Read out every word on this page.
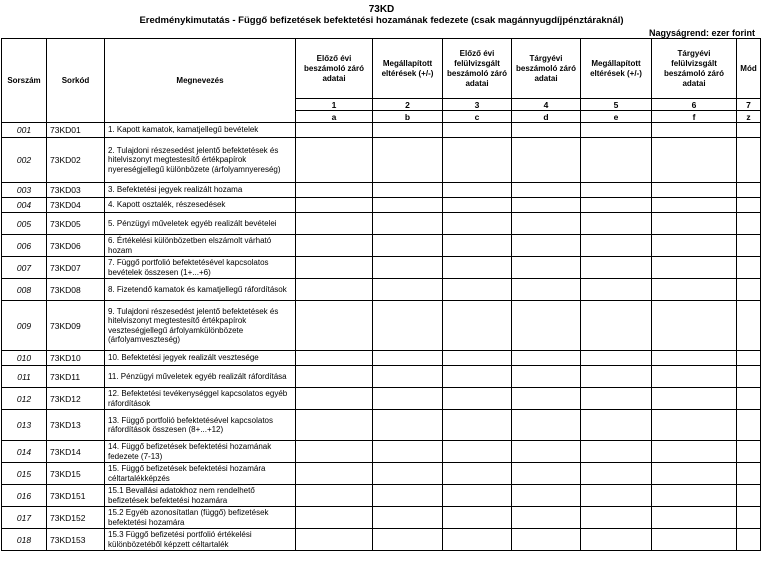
73KD
Eredménykimutatás - Függő befizetések befektetési hozamának fedezete (csak magánnyugdíjpénztáraknál)
Nagyságrend: ezer forint
Sorszám	Sorkód	Megnevezés	Előző évi beszámoló záró adatai	Megállapított eltérések (+/-)	Előző évi felülvizsgált beszámoló záró adatai	Tárgyévi beszámoló záró adatai	Megállapított eltérések (+/-)	Tárgyévi felülvizsgált beszámoló záró adatai	Mód
			1	2	3	4	5	6	7
			a	b	c	d	e	f	z
001	73KD01	1. Kapott kamatok, kamatjellegű bevételek							
002	73KD02	2. Tulajdoni részesedést jelentő befektetések és hitelviszonyt megtestesítő értékpapírok nyereségjellegű különbözete (árfolyamnyereség)							
003	73KD03	3. Befektetési jegyek realizált hozama							
004	73KD04	4. Kapott osztalék, részesedések							
005	73KD05	5. Pénzügyi műveletek egyéb realizált bevételei							
006	73KD06	6. Értékelési különbözetben elszámolt várható hozam							
007	73KD07	7. Függő portfolió befektetésével kapcsolatos bevételek összesen (1+...+6)							
008	73KD08	8. Fizetendő kamatok és kamatjellegű ráfordítások							
009	73KD09	9. Tulajdoni részesedést jelentő befektetések és hitelviszonyt megtestesítő értékpapírok veszteségjellegű árfolyamkülönbözete (árfolyamveszteség)							
010	73KD10	10. Befektetési jegyek realizált vesztesége							
011	73KD11	11. Pénzügyi műveletek egyéb realizált ráfordítása							
012	73KD12	12. Befektetési tevékenységgel kapcsolatos egyéb ráfordítások							
013	73KD13	13. Függő portfolió befektetésével kapcsolatos ráfordítások összesen (8+...+12)							
014	73KD14	14. Függő befizetések befektetési hozamának fedezete (7-13)							
015	73KD15	15. Függő befizetések befektetési hozamára céltartalékképzés							
016	73KD151	15.1 Bevallási adatokhoz nem rendelhető befizetések befektetési hozamára							
017	73KD152	15.2 Egyéb azonosítatlan (függő) befizetések befektetési hozamára							
018	73KD153	15.3 Függő befizetési portfolió értékelési különbözetéből képzett céltartalék							
